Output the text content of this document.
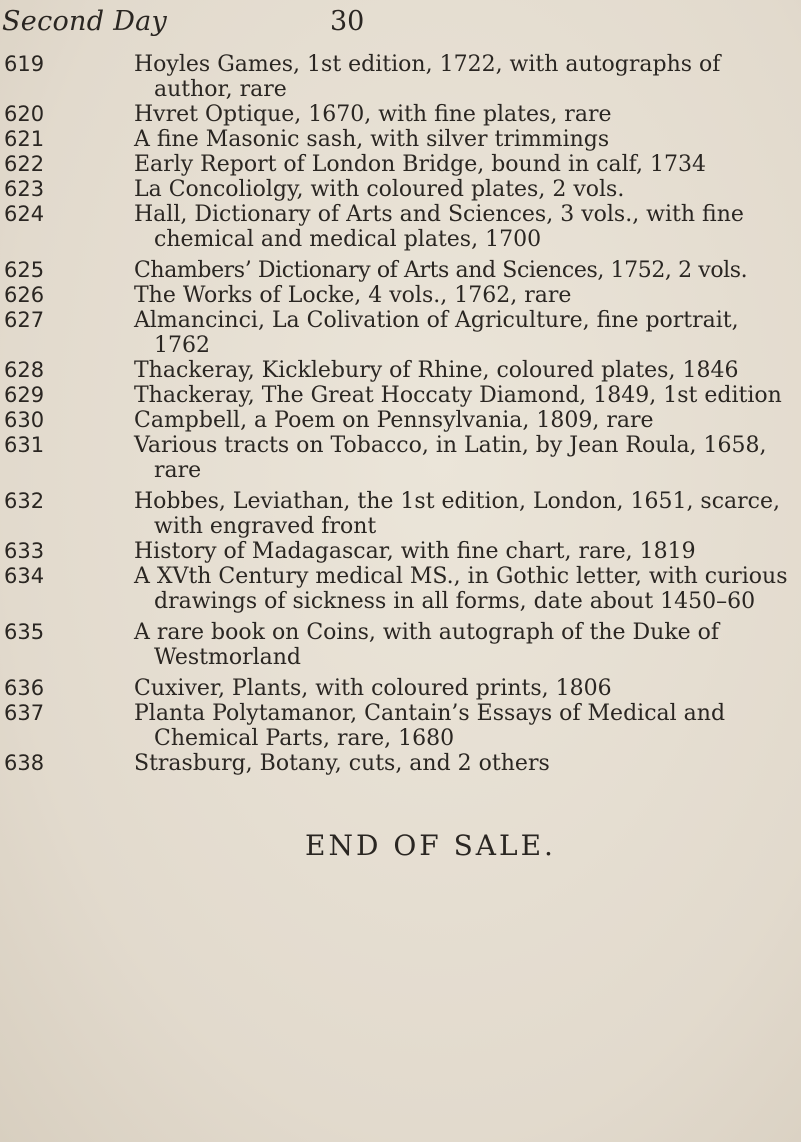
Second Day	30
619	Hoyles Games, 1st edition, 1722, with autographs of author, rare
620	Hvret Optique, 1670, with fine plates, rare
621	A fine Masonic sash, with silver trimmings
622	Early Report of London Bridge, bound in calf, 1734
623	La Concoliolgy, with coloured plates, 2 vols.
624	Hall, Dictionary of Arts and Sciences, 3 vols., with fine chemical and medical plates, 1700
625	Chambers’ Dictionary of Arts and Sciences, 1752, 2 vols.
626	The Works of Locke, 4 vols., 1762, rare
627	Almancinci, La Colivation of Agriculture, fine portrait, 1762
628	Thackeray, Kicklebury of Rhine, coloured plates, 1846
629	Thackeray, The Great Hoccaty Diamond, 1849, 1st edition
630	Campbell, a Poem on Pennsylvania, 1809, rare
631	Various tracts on Tobacco, in Latin, by Jean Roula, 1658, rare
632	Hobbes, Leviathan, the 1st edition, London, 1651, scarce, with engraved front
633	History of Madagascar, with fine chart, rare, 1819
634	A XVth Century medical MS., in Gothic letter, with curious drawings of sickness in all forms, date about 1450–60
635	A rare book on Coins, with autograph of the Duke of Westmorland
636	Cuxiver, Plants, with coloured prints, 1806
637	Planta Polytamanor, Cantain’s Essays of Medical and Chemical Parts, rare, 1680
638	Strasburg, Botany, cuts, and 2 others
END OF SALE.
